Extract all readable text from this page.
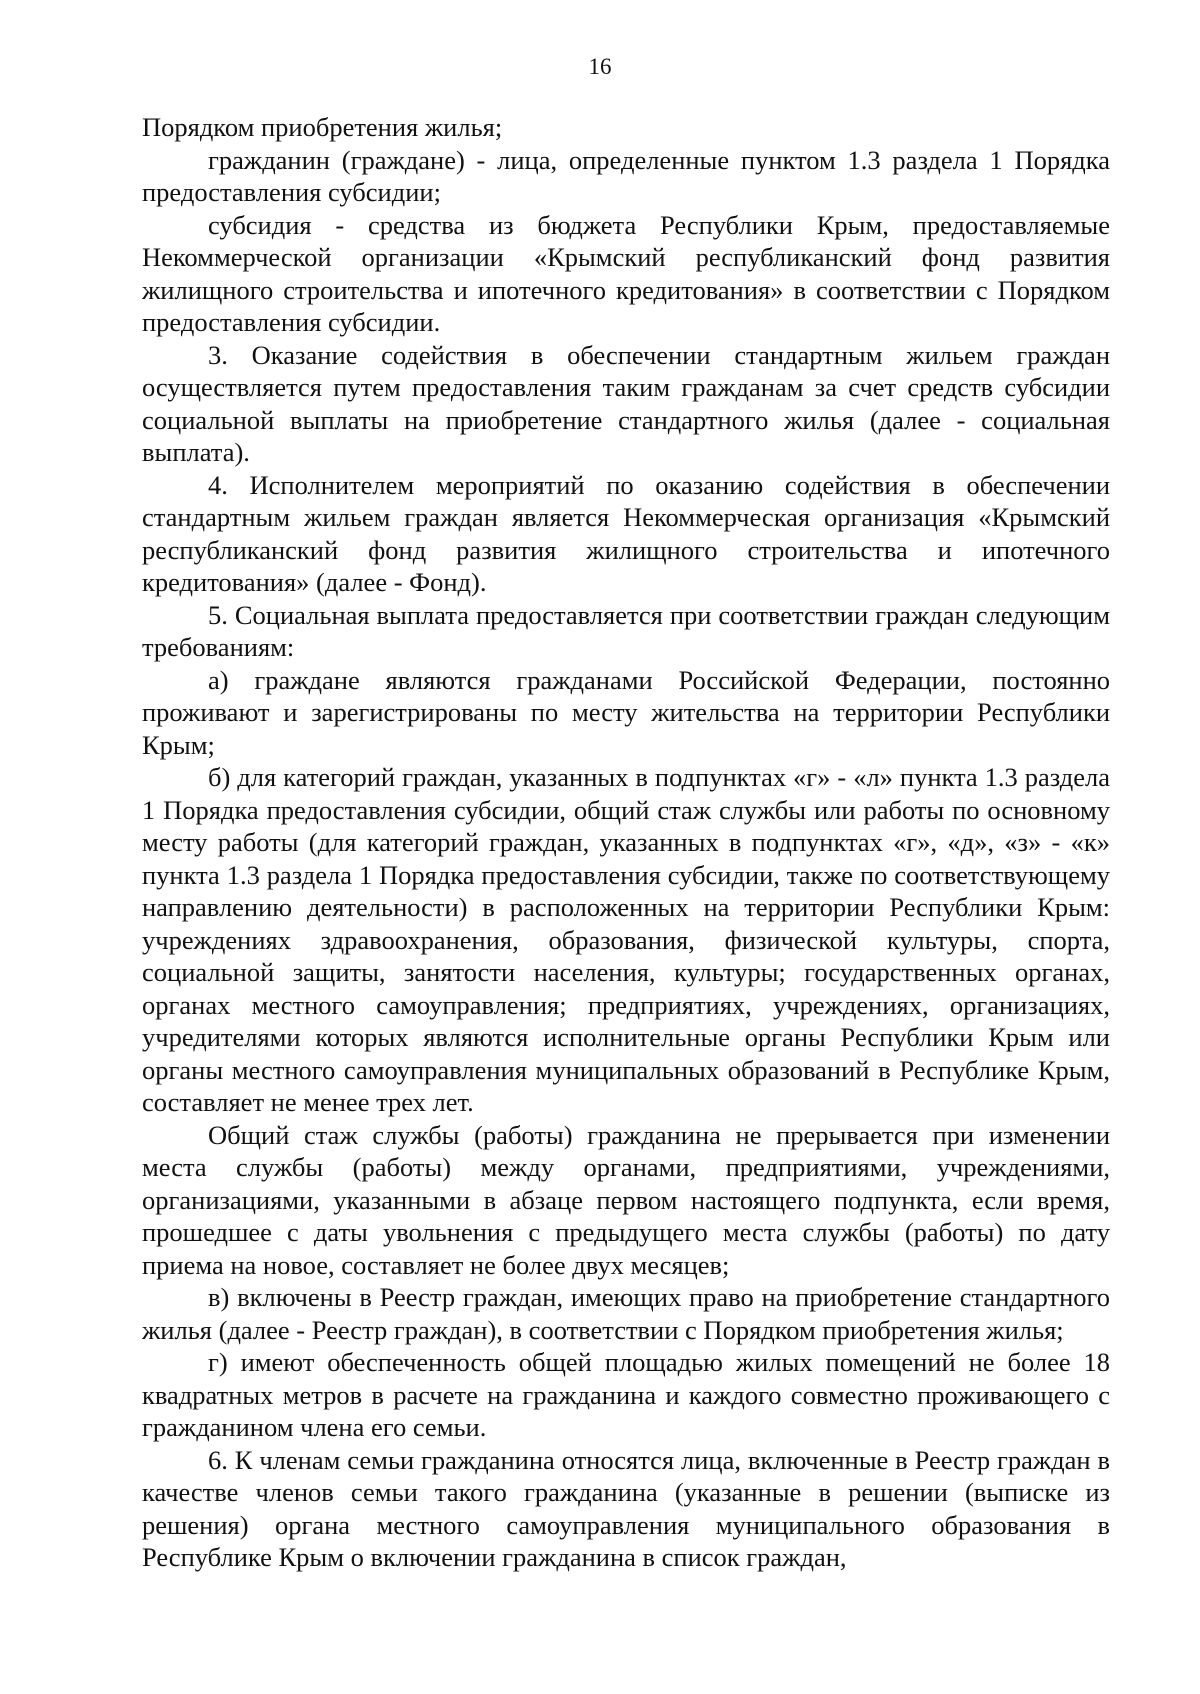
16

Порядком приобретения жилья;

гражданин (граждане) - лица, определенные пунктом 1.3 раздела 1 Порядка предоставления субсидии;

субсидия - средства из бюджета Республики Крым, предоставляемые Некоммерческой организации «Крымский республиканский фонд развития жилищного строительства и ипотечного кредитования» в соответствии с Порядком предоставления субсидии.

3. Оказание содействия в обеспечении стандартным жильем граждан осуществляется путем предоставления таким гражданам за счет средств субсидии социальной выплаты на приобретение стандартного жилья (далее - социальная выплата).

4. Исполнителем мероприятий по оказанию содействия в обеспечении стандартным жильем граждан является Некоммерческая организация «Крымский республиканский фонд развития жилищного строительства и ипотечного кредитования» (далее - Фонд).

5. Социальная выплата предоставляется при соответствии граждан следующим требованиям:

а) граждане являются гражданами Российской Федерации, постоянно проживают и зарегистрированы по месту жительства на территории Республики Крым;

б) для категорий граждан, указанных в подпунктах «г» - «л» пункта 1.3 раздела 1 Порядка предоставления субсидии, общий стаж службы или работы по основному месту работы (для категорий граждан, указанных в подпунктах «г», «д», «з» - «к» пункта 1.3 раздела 1 Порядка предоставления субсидии, также по соответствующему направлению деятельности) в расположенных на территории Республики Крым: учреждениях здравоохранения, образования, физической культуры, спорта, социальной защиты, занятости населения, культуры; государственных органах, органах местного самоуправления; предприятиях, учреждениях, организациях, учредителями которых являются исполнительные органы Республики Крым или органы местного самоуправления муниципальных образований в Республике Крым, составляет не менее трех лет.

Общий стаж службы (работы) гражданина не прерывается при изменении места службы (работы) между органами, предприятиями, учреждениями, организациями, указанными в абзаце первом настоящего подпункта, если время, прошедшее с даты увольнения с предыдущего места службы (работы) по дату приема на новое, составляет не более двух месяцев;

в) включены в Реестр граждан, имеющих право на приобретение стандартного жилья (далее - Реестр граждан), в соответствии с Порядком приобретения жилья;

г) имеют обеспеченность общей площадью жилых помещений не более 18 квадратных метров в расчете на гражданина и каждого совместно проживающего с гражданином члена его семьи.

6. К членам семьи гражданина относятся лица, включенные в Реестр граждан в качестве членов семьи такого гражданина (указанные в решении (выписке из решения) органа местного самоуправления муниципального образования в Республике Крым о включении гражданина в список граждан,
